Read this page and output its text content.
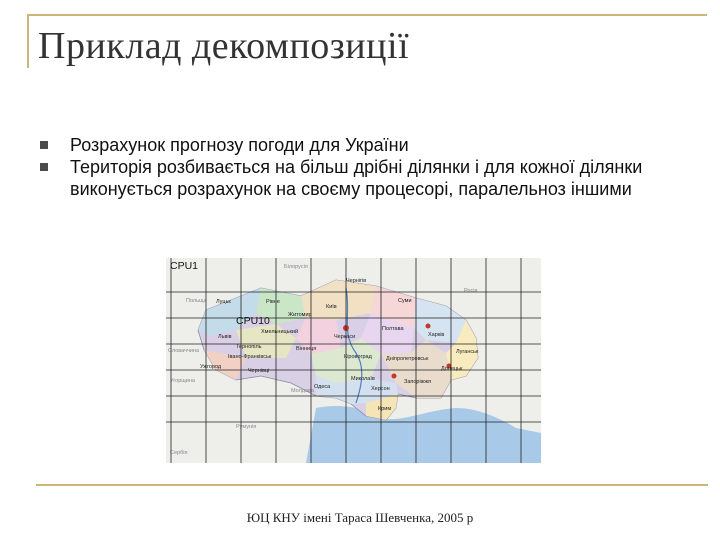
Приклад декомпозиції
Розрахунок прогнозу погоди для України
Територія розбивається на більш дрібні ділянки і для кожної ділянки виконується розрахунок на своєму процесорі, паралельноз іншими
CPU1
CPU10
Білорусія
Росія
Польща
Словаччина
Угорщина
Молдова
Сербія
Румунія
Київ
Харків
Полтава
Чернігів
Луцьк	Рівне
Львів
Житомир
Хмельницький
Тернопіль
Івано-Франківськ
Чернівці
Вінниця
Черкаси
Кіровоград	Дніпропетровськ
Донецьк
Луганськ
Одеса
Миколаїв
Херсон
Запоріжжя
Крим
Суми
Ужгород
ЮЦ КНУ імені Тараса Шевченка, 2005 р
